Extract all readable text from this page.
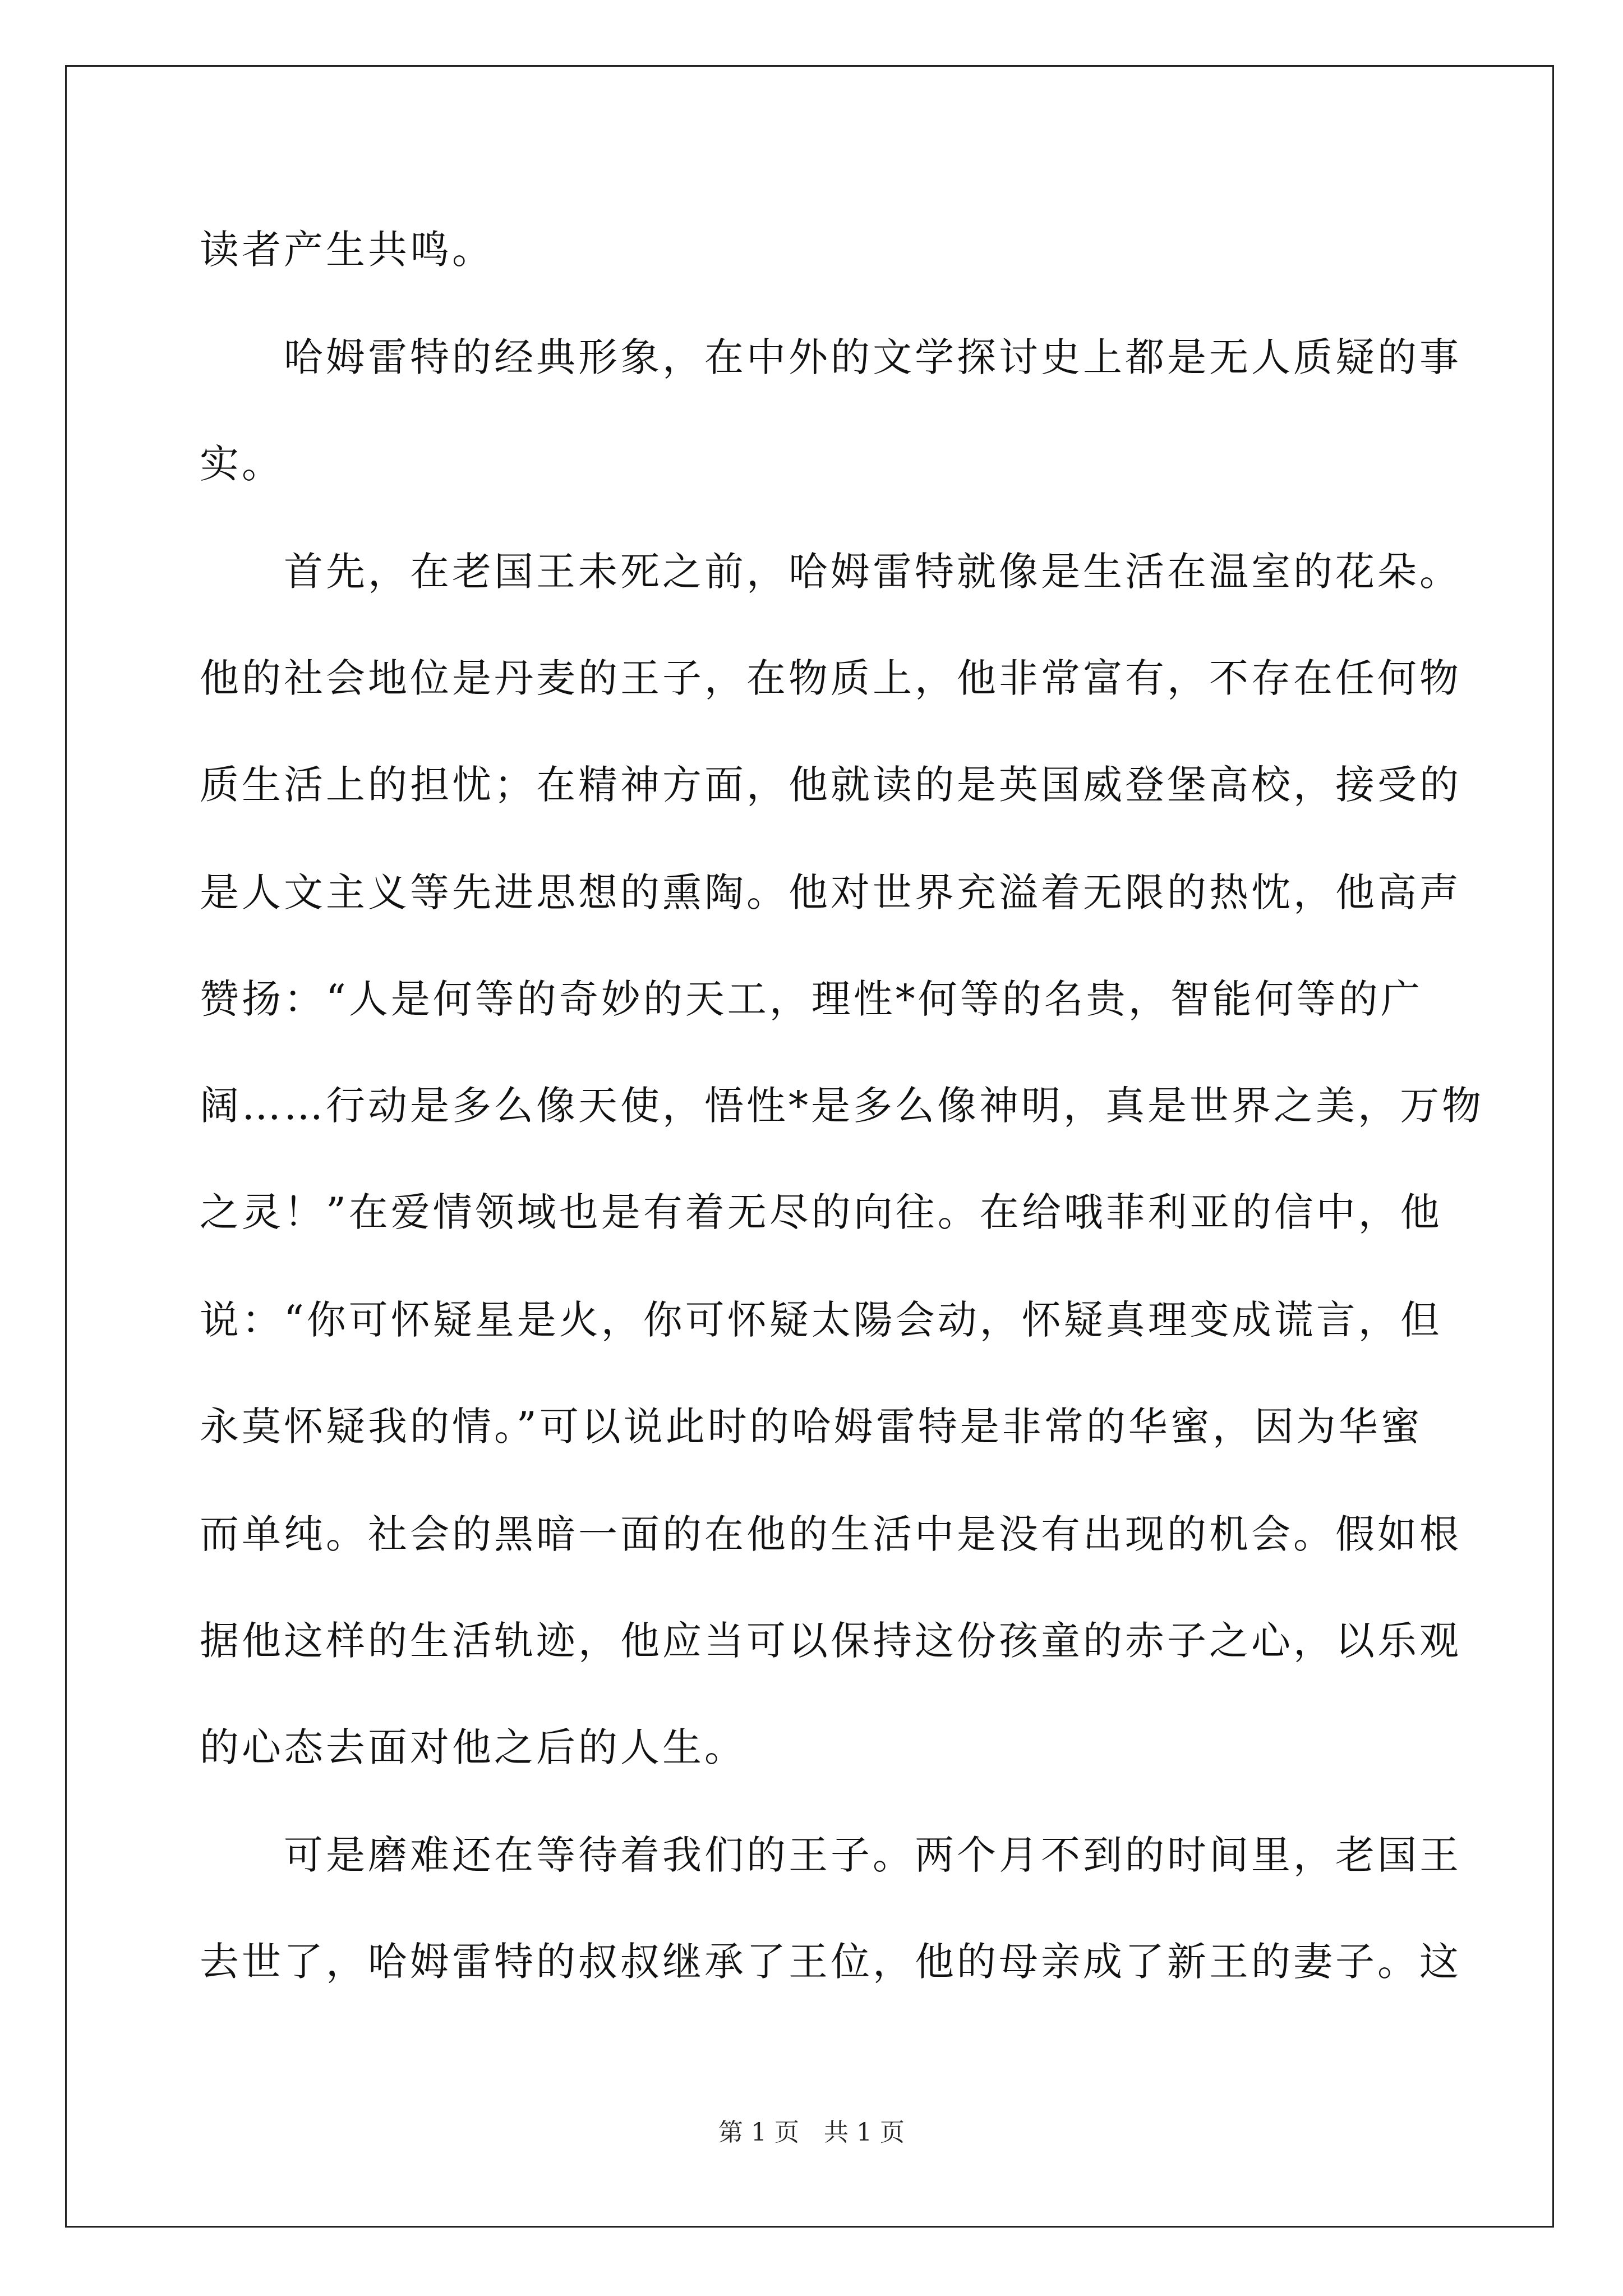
读者产生共鸣。
　　哈姆雷特的经典形象，在中外的文学探讨史上都是无人质疑的事
实。
　　首先，在老国王未死之前，哈姆雷特就像是生活在温室的花朵。
他的社会地位是丹麦的王子，在物质上，他非常富有，不存在任何物
质生活上的担忧；在精神方面，他就读的是英国威登堡高校，接受的
是人文主义等先进思想的熏陶。他对世界充溢着无限的热忱，他高声
赞扬：“人是何等的奇妙的天工，理性*何等的名贵，智能何等的广
阔……行动是多么像天使，悟性*是多么像神明，真是世界之美，万物
之灵！”在爱情领域也是有着无尽的向往。在给哦菲利亚的信中，他
说：“你可怀疑星是火，你可怀疑太陽会动，怀疑真理变成谎言，但
永莫怀疑我的情。”可以说此时的哈姆雷特是非常的华蜜，因为华蜜
而单纯。社会的黑暗一面的在他的生活中是没有出现的机会。假如根
据他这样的生活轨迹，他应当可以保持这份孩童的赤子之心，以乐观
的心态去面对他之后的人生。
　　可是磨难还在等待着我们的王子。两个月不到的时间里，老国王
去世了，哈姆雷特的叔叔继承了王位，他的母亲成了新王的妻子。这
第 1 页　共 1 页
